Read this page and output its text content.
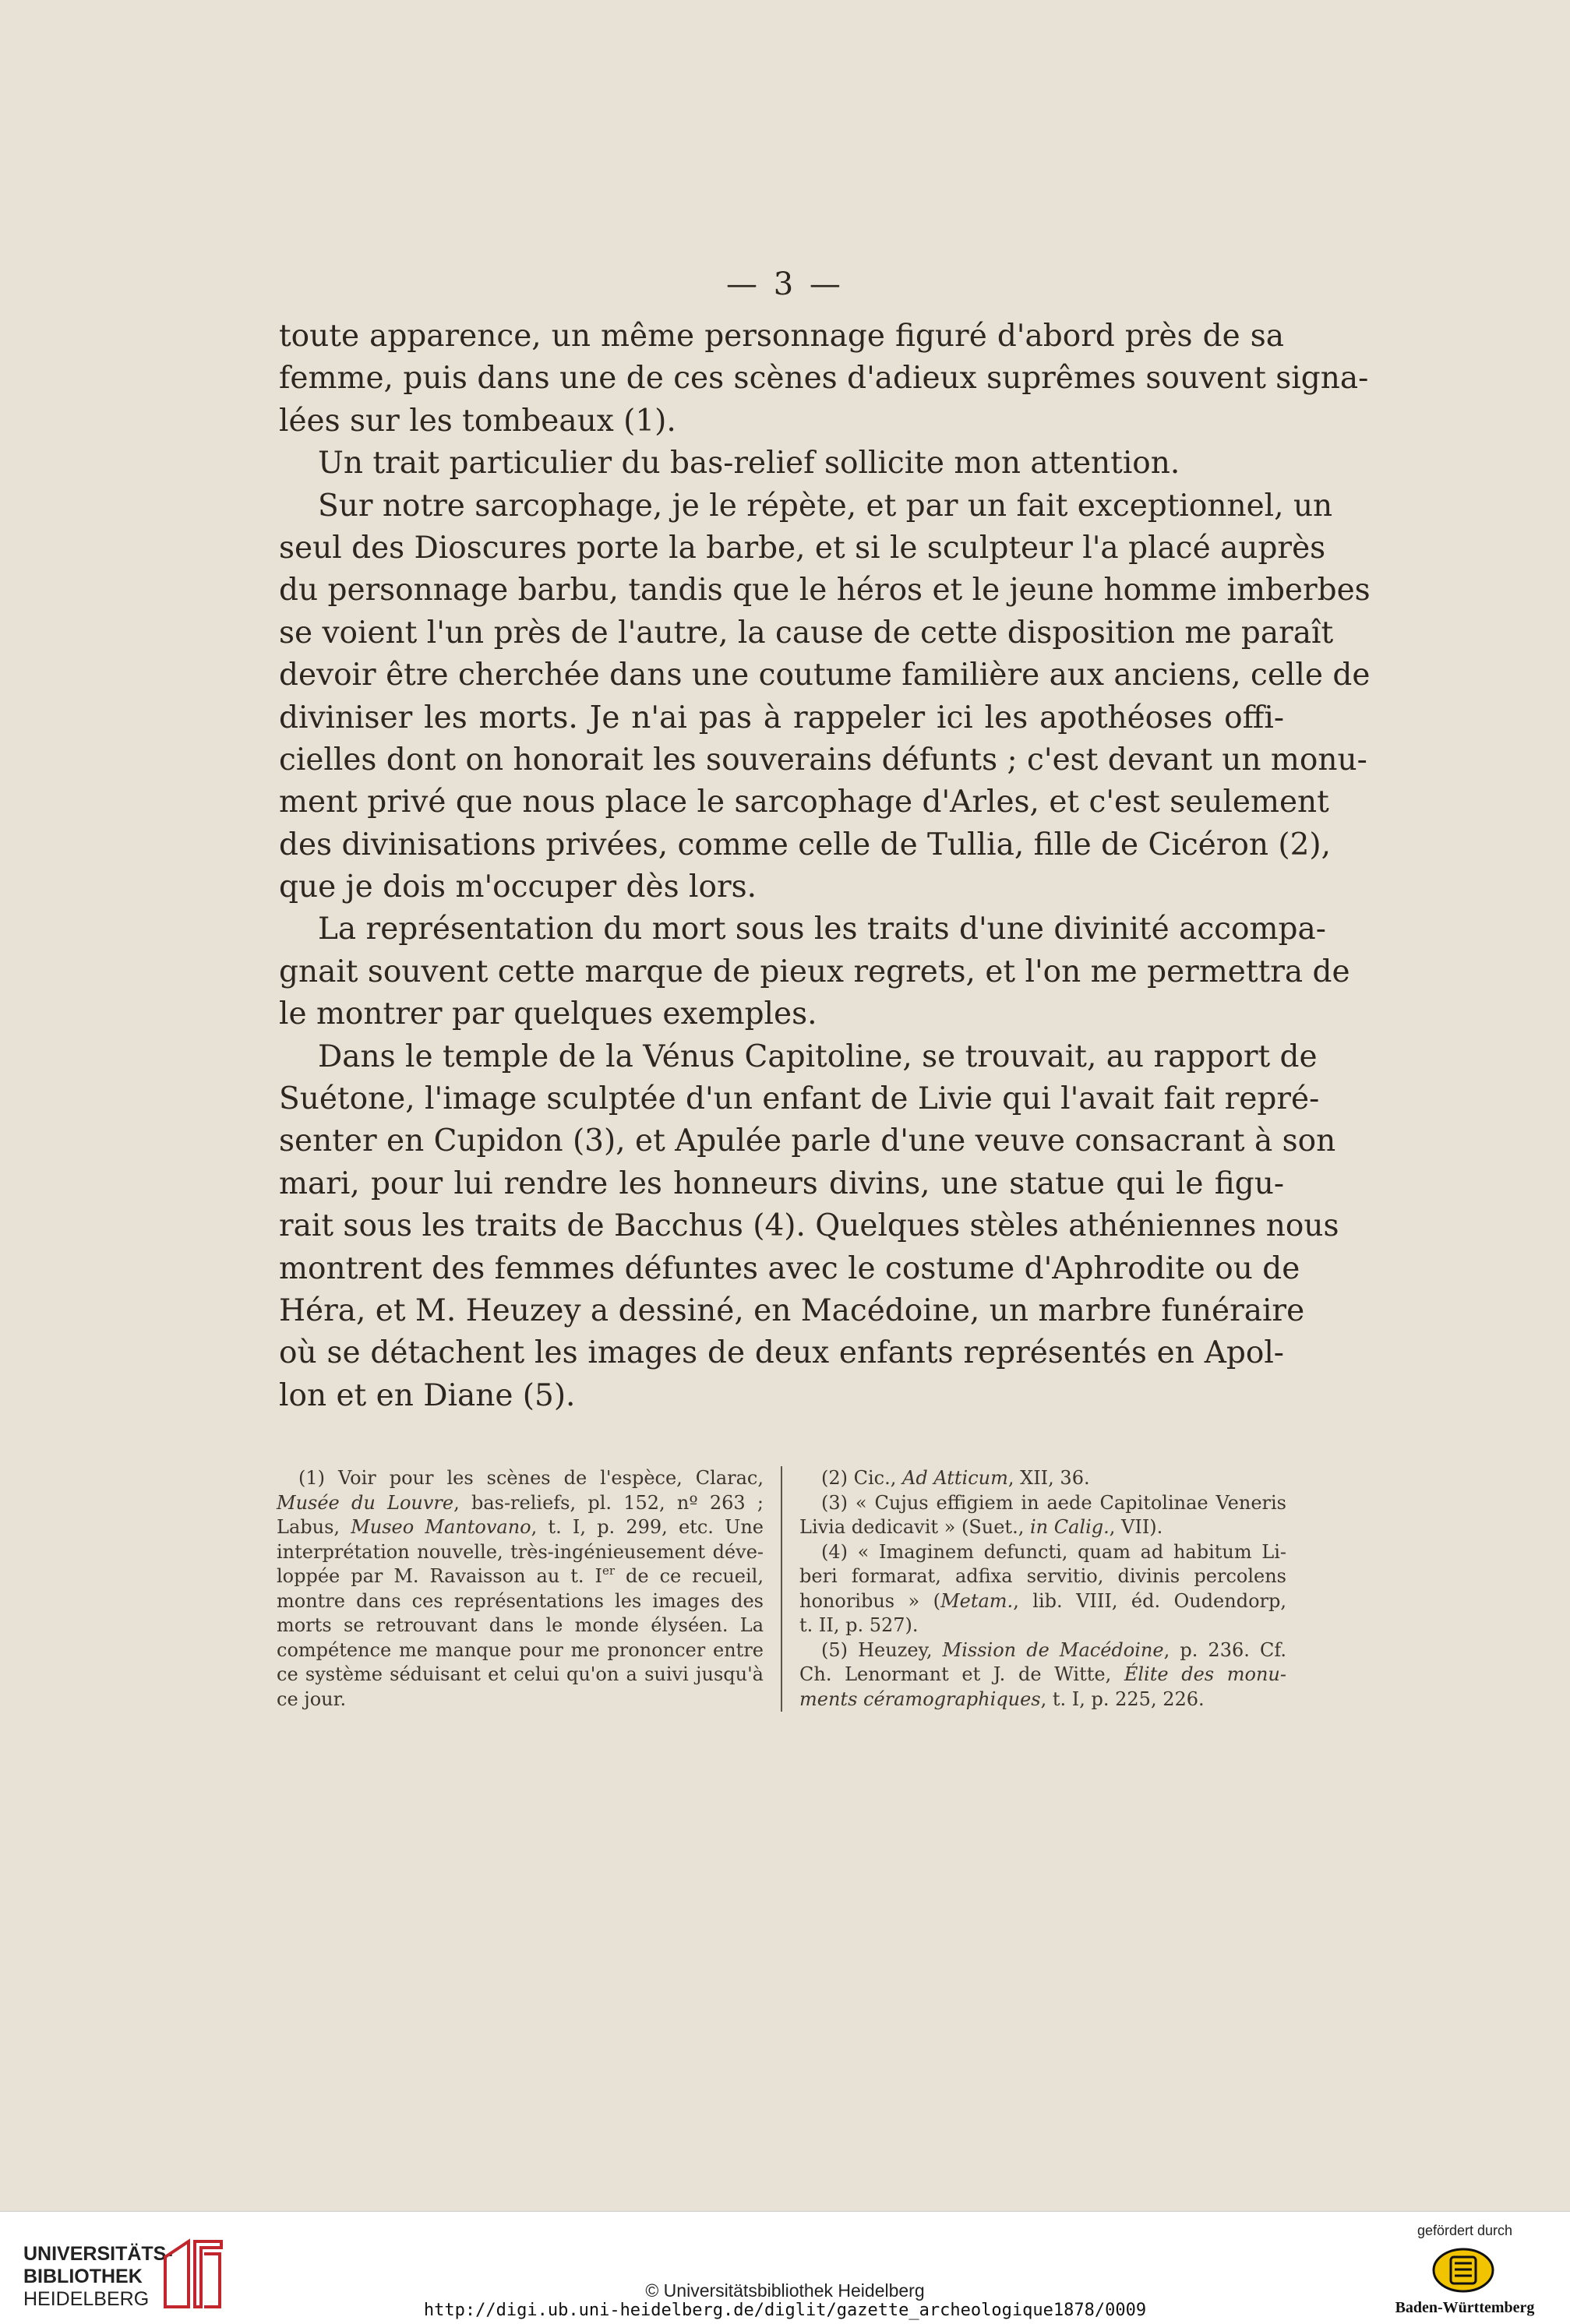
— 3 —
toute apparence, un même personnage figuré d'abord près de sa
femme, puis dans une de ces scènes d'adieux suprêmes souvent signa-
lées sur les tombeaux (1).
Un trait particulier du bas-relief sollicite mon attention.
Sur notre sarcophage, je le répète, et par un fait exceptionnel, un
seul des Dioscures porte la barbe, et si le sculpteur l'a placé auprès
du personnage barbu, tandis que le héros et le jeune homme imberbes
se voient l'un près de l'autre, la cause de cette disposition me paraît
devoir être cherchée dans une coutume familière aux anciens, celle de
diviniser les morts. Je n'ai pas à rappeler ici les apothéoses offi-
cielles dont on honorait les souverains défunts ; c'est devant un monu-
ment privé que nous place le sarcophage d'Arles, et c'est seulement
des divinisations privées, comme celle de Tullia, fille de Cicéron (2),
que je dois m'occuper dès lors.
La représentation du mort sous les traits d'une divinité accompa-
gnait souvent cette marque de pieux regrets, et l'on me permettra de
le montrer par quelques exemples.
Dans le temple de la Vénus Capitoline, se trouvait, au rapport de
Suétone, l'image sculptée d'un enfant de Livie qui l'avait fait repré-
senter en Cupidon (3), et Apulée parle d'une veuve consacrant à son
mari, pour lui rendre les honneurs divins, une statue qui le figu-
rait sous les traits de Bacchus (4). Quelques stèles athéniennes nous
montrent des femmes défuntes avec le costume d'Aphrodite ou de
Héra, et M. Heuzey a dessiné, en Macédoine, un marbre funéraire
où se détachent les images de deux enfants représentés en Apol-
lon et en Diane (5).
(1) Voir pour les scènes de l'espèce, Clarac,
Musée du Louvre, bas-reliefs, pl. 152, nº 263 ;
Labus, Museo Mantovano, t. I, p. 299, etc. Une
interprétation nouvelle, très-ingénieusement déve-
loppée par M. Ravaisson au t. Ier de ce recueil,
montre dans ces représentations les images des
morts se retrouvant dans le monde élyséen. La
compétence me manque pour me prononcer entre
ce système séduisant et celui qu'on a suivi jusqu'à
ce jour.
(2) Cic., Ad Atticum, XII, 36.
(3) « Cujus effigiem in aede Capitolinae Veneris
Livia dedicavit » (Suet., in Calig., VII).
(4) « Imaginem defuncti, quam ad habitum Li-
beri formarat, adfixa servitio, divinis percolens
honoribus » (Metam., lib. VIII, éd. Oudendorp,
t. II, p. 527).
(5) Heuzey, Mission de Macédoine, p. 236. Cf.
Ch. Lenormant et J. de Witte, Élite des monu-
ments céramographiques, t. I, p. 225, 226.
UNIVERSITÄTS-
BIBLIOTHEK
HEIDELBERG	© Universitätsbibliothek Heidelberg
http://digi.ub.uni-heidelberg.de/diglit/gazette_archeologique1878/0009
gefördert durch
Baden-Württemberg
